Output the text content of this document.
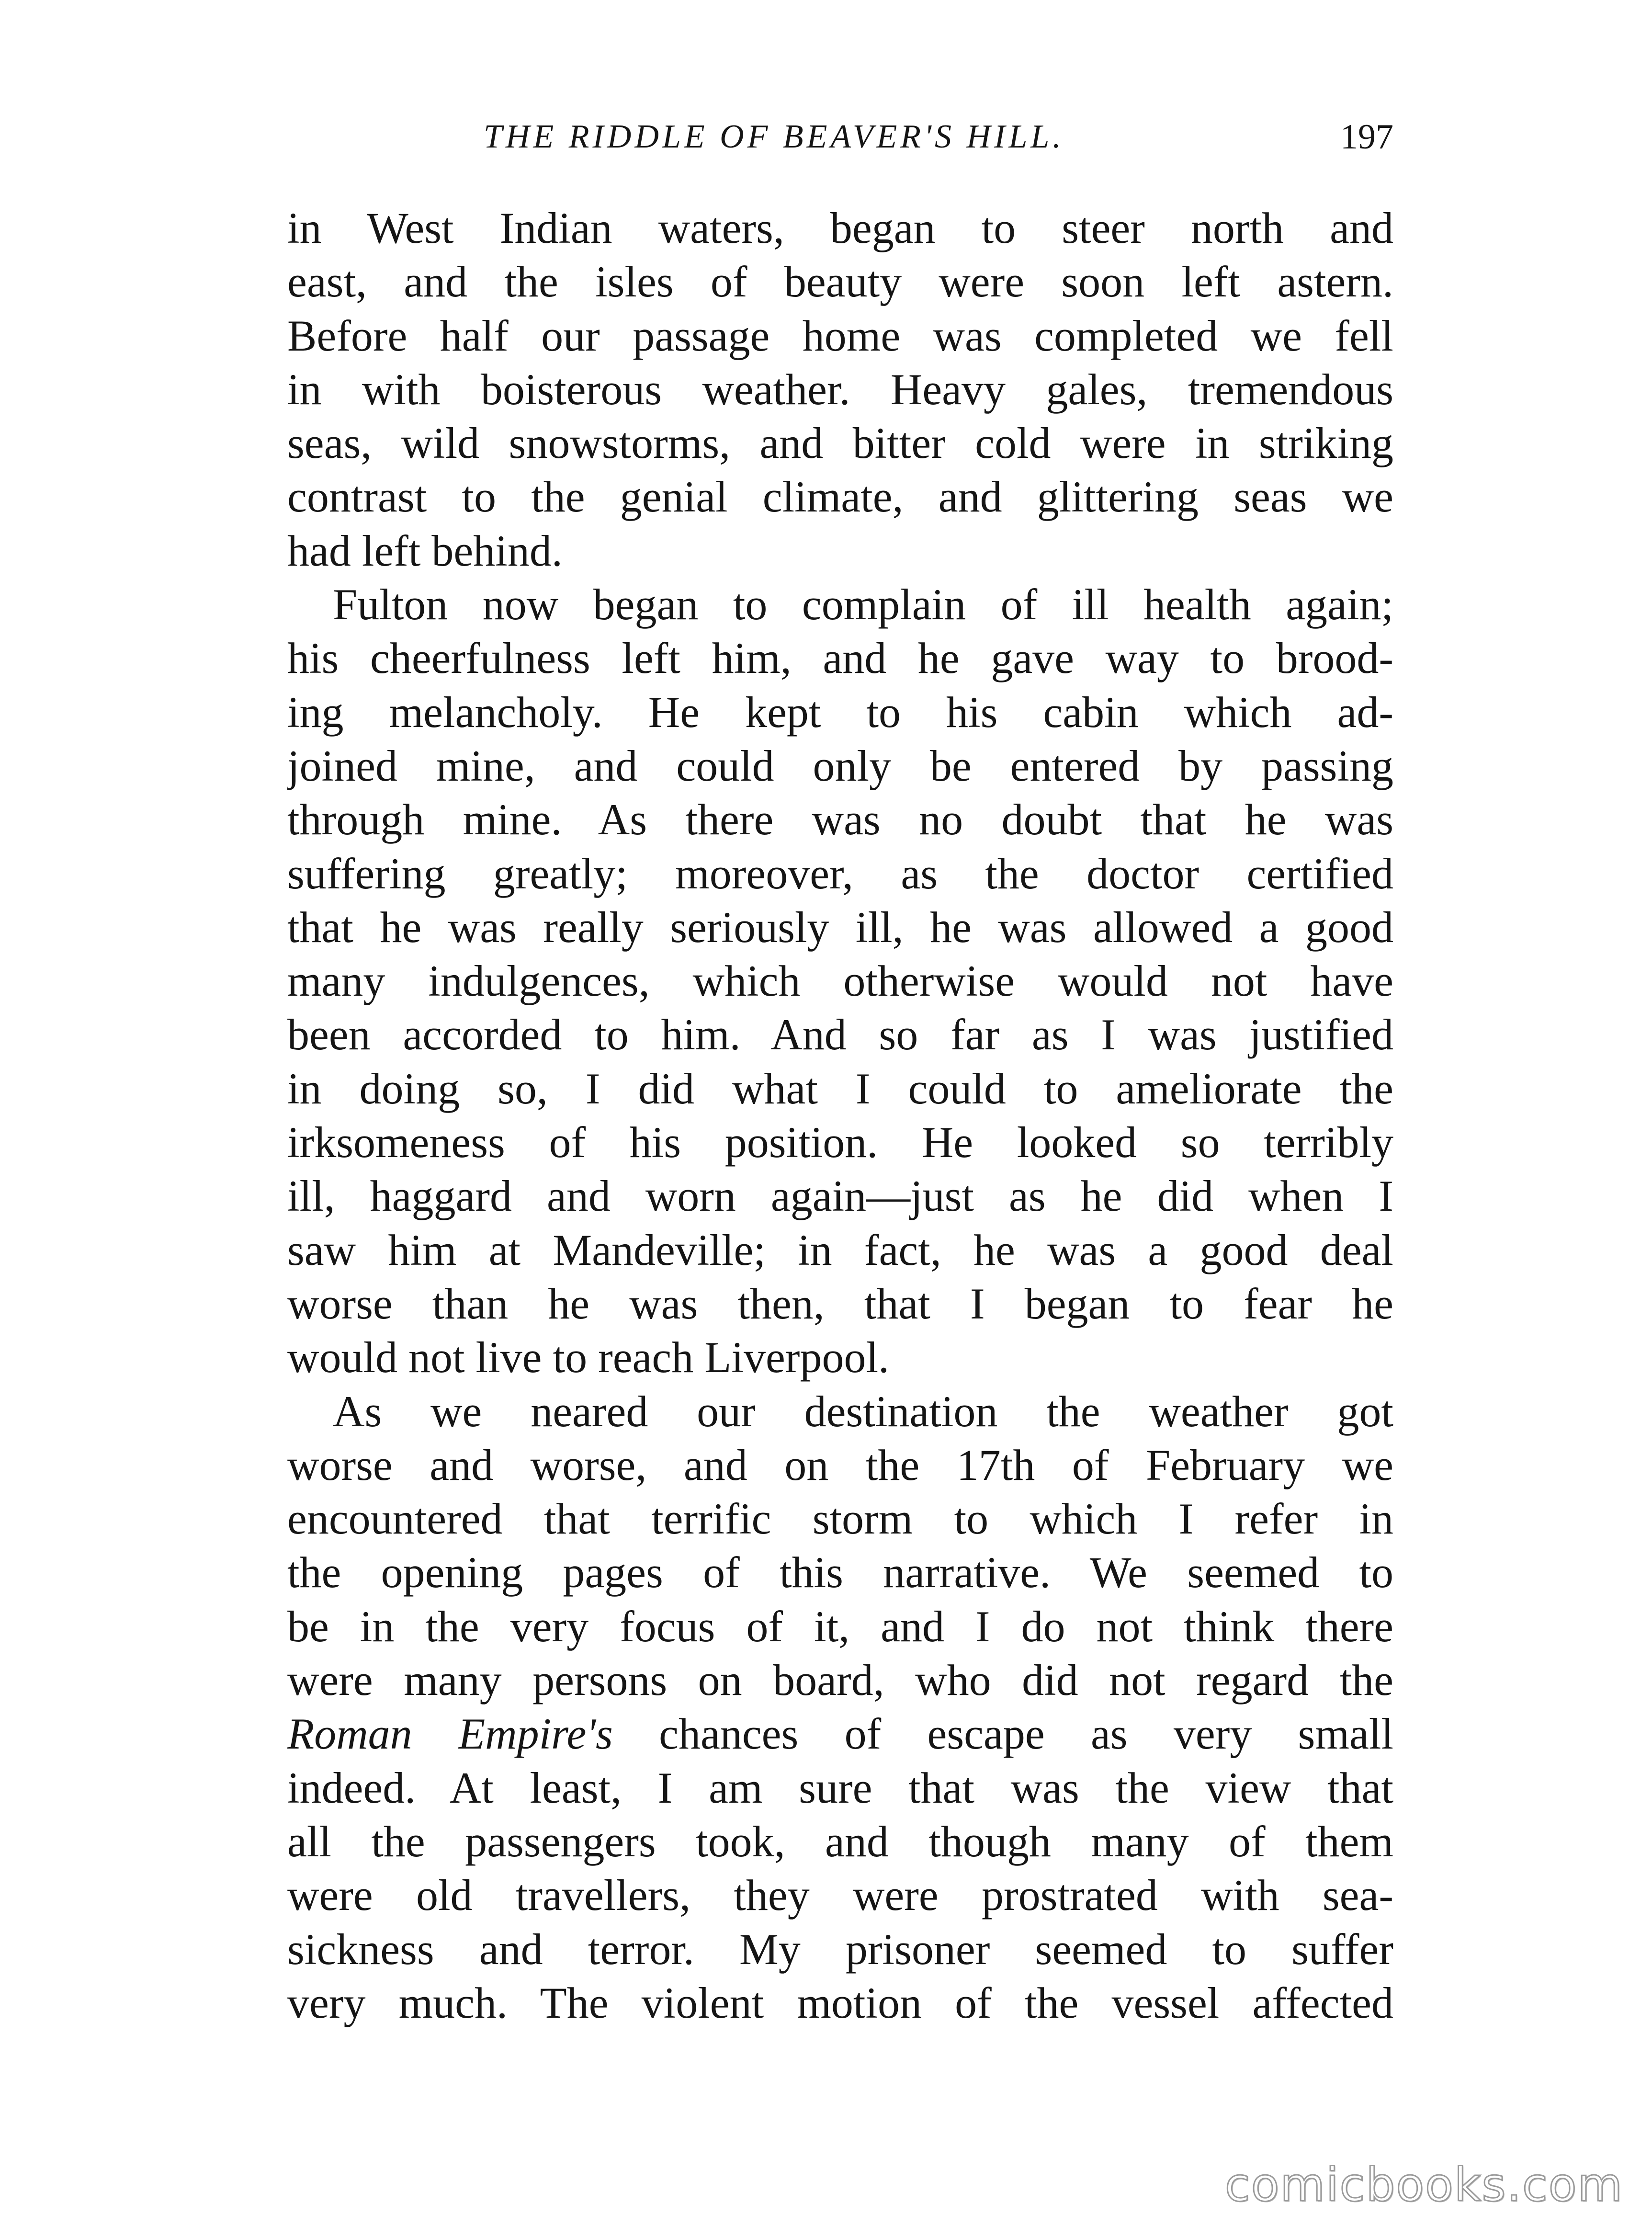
THE RIDDLE OF BEAVER'S HILL.	197
in West Indian waters, began to steer north and
east, and the isles of beauty were soon left astern.
Before half our passage home was completed we fell
in with boisterous weather. Heavy gales, tremendous
seas, wild snowstorms, and bitter cold were in striking
contrast to the genial climate, and glittering seas we
had left behind.
Fulton now began to complain of ill health again;
his cheerfulness left him, and he gave way to brood-
ing melancholy. He kept to his cabin which ad-
joined mine, and could only be entered by passing
through mine. As there was no doubt that he was
suffering greatly; moreover, as the doctor certified
that he was really seriously ill, he was allowed a good
many indulgences, which otherwise would not have
been accorded to him. And so far as I was justified
in doing so, I did what I could to ameliorate the
irksomeness of his position. He looked so terribly
ill, haggard and worn again—just as he did when I
saw him at Mandeville; in fact, he was a good deal
worse than he was then, that I began to fear he
would not live to reach Liverpool.
As we neared our destination the weather got
worse and worse, and on the 17th of February we
encountered that terrific storm to which I refer in
the opening pages of this narrative. We seemed to
be in the very focus of it, and I do not think there
were many persons on board, who did not regard the
Roman Empire's chances of escape as very small
indeed. At least, I am sure that was the view that
all the passengers took, and though many of them
were old travellers, they were prostrated with sea-
sickness and terror. My prisoner seemed to suffer
very much. The violent motion of the vessel affected
comicbooks.com
